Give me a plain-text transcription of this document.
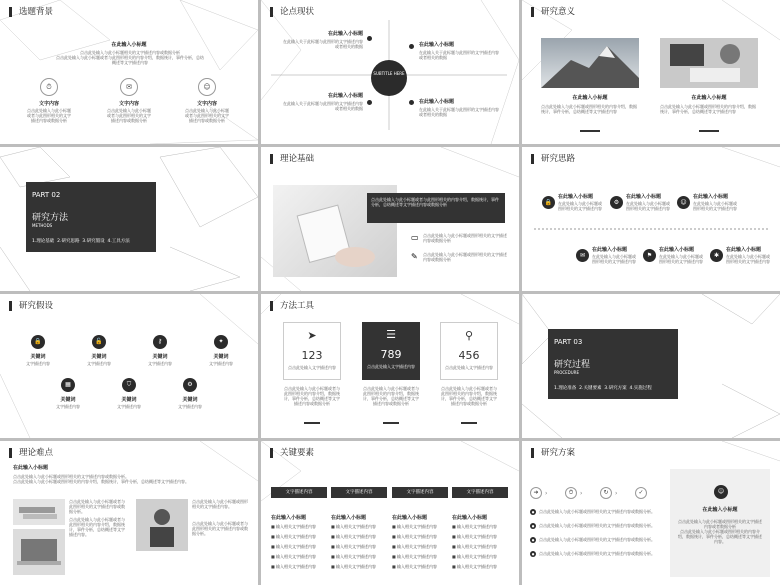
选题背景
在此输入小标题
点击此处输入与此小标题相关的文字描述内容或数据分析
点击此处输入与此小标题或者与此图形相关的内容介绍，数据统计，事件分析，总结概述等文字描述内容
⏱
文字内容
点击此处输入与此小标题或者与此图形相关的文字描述内容或数据分析
✉
文字内容
点击此处输入与此小标题或者与此图形相关的文字描述内容或数据分析
☺
文字内容
点击此处输入与此小标题或者与此图形相关的文字描述内容或数据分析
论点现状
SUBTITLE HERE
在此输入小标题
在此输入关于此标题与此图形的文字描述内容或者相关的数据	在此输入小标题
在此输入关于此标题与此图形的文字描述内容或者相关的数据
在此输入小标题
在此输入关于此标题与此图形的文字描述内容或者相关的数据
在此输入小标题
在此输入关于此标题与此图形的文字描述内容或者相关的数据
研究意义
在此输入小标题
点击此处输入与此小标题或图形相关的内容介绍，数据统计，事件分析，总结概述等文字描述内容
在此输入小标题
点击此处输入与此小标题或图形相关的内容介绍，数据统计，事件分析，总结概述等文字描述内容
PART 02
研究方法
METHODS
1.理论基础  2.研究思路  3.研究假设  4.工具方法
理论基础
点击此处输入与此小标题或者与此图形相关的内容介绍，数据统计，事件分析，总结概述等文字描述内容或数据分析
▭ 点击此处输入与此小标题或图形相关的文字描述内容或数据分析
✎ 点击此处输入与此小标题或图形相关的文字描述内容或数据分析
研究思路
🔒
在此输入小标题
在此处输入与此小标题或图形相关的文字描述内容
⚙
在此输入小标题
在此处输入与此小标题或图形相关的文字描述内容
☺
在此输入小标题
在此处输入与此小标题或图形相关的文字描述内容
✉
在此输入小标题
在此处输入与此小标题或图形相关的文字描述内容
⚑
在此输入小标题
在此处输入与此小标题或图形相关的文字描述内容
✱
在此输入小标题
在此处输入与此小标题或图形相关的文字描述内容
研究假设
🔒
关键词
文字描述内容
🔓
关键词
文字描述内容
⚷
关键词
文字描述内容
✦
关键词
文字描述内容
▦
关键词
文字描述内容
⛉
关键词
文字描述内容
⚙
关键词
文字描述内容
方法工具
➤
123
点击此处输入文字描述内容
☰
789
点击此处输入文字描述内容
⚲
456
点击此处输入文字描述内容
点击此处输入与此小标题或者与此图形相关的内容介绍，数据统计，事件分析，总结概述等文字描述内容或数据分析
点击此处输入与此小标题或者与此图形相关的内容介绍，数据统计，事件分析，总结概述等文字描述内容或数据分析
点击此处输入与此小标题或者与此图形相关的内容介绍，数据统计，事件分析，总结概述等文字描述内容或数据分析
PART 03
研究过程
PROCEDURE
1.理论准备  2.关键要素  3.研究方案  4.实施过程
理论难点
在此输入小标题
点击此处输入与此小标题或图形相关的文字描述内容或数据分析。
点击此处输入与此小标题或图形相关的内容介绍，数据统计，事件分析，总结概述等文字描述内容。
点击此处输入与此小标题或者与此图形相关的文字描述内容或数据分析。
点击此处输入与此小标题或者与此图形相关的内容介绍，数据统计，事件分析，总结概述等文字描述内容。
点击此处输入与此小标题或图形相关的文字描述内容。
点击此处输入与此小标题或者与此图形相关的文字描述内容或数据分析。
关键要素
文字描述内容
在此输入小标题
■ 输入相关文字描述内容
■ 输入相关文字描述内容
■ 输入相关文字描述内容
■ 输入相关文字描述内容
■ 输入相关文字描述内容
文字描述内容
在此输入小标题
■ 输入相关文字描述内容
■ 输入相关文字描述内容
■ 输入相关文字描述内容
■ 输入相关文字描述内容
■ 输入相关文字描述内容
文字描述内容
在此输入小标题
■ 输入相关文字描述内容
■ 输入相关文字描述内容
■ 输入相关文字描述内容
■ 输入相关文字描述内容
■ 输入相关文字描述内容
文字描述内容
在此输入小标题
■ 输入相关文字描述内容
■ 输入相关文字描述内容
■ 输入相关文字描述内容
■ 输入相关文字描述内容
■ 输入相关文字描述内容
研究方案
➜	›	⏱	›	↻	›	✓
●	点击此处输入与此小标题或图形相关的文字描述内容或数据分析。
●	点击此处输入与此小标题或图形相关的文字描述内容或数据分析。
●	点击此处输入与此小标题或图形相关的文字描述内容或数据分析。
●	点击此处输入与此小标题或图形相关的文字描述内容或数据分析。
☺
在此输入小标题
点击此处输入与此小标题或图形相关的文字描述内容或者数据分析
点击此处输入与此小标题或图形相关的内容介绍，数据统计，事件分析，总结概述等文字描述内容。
